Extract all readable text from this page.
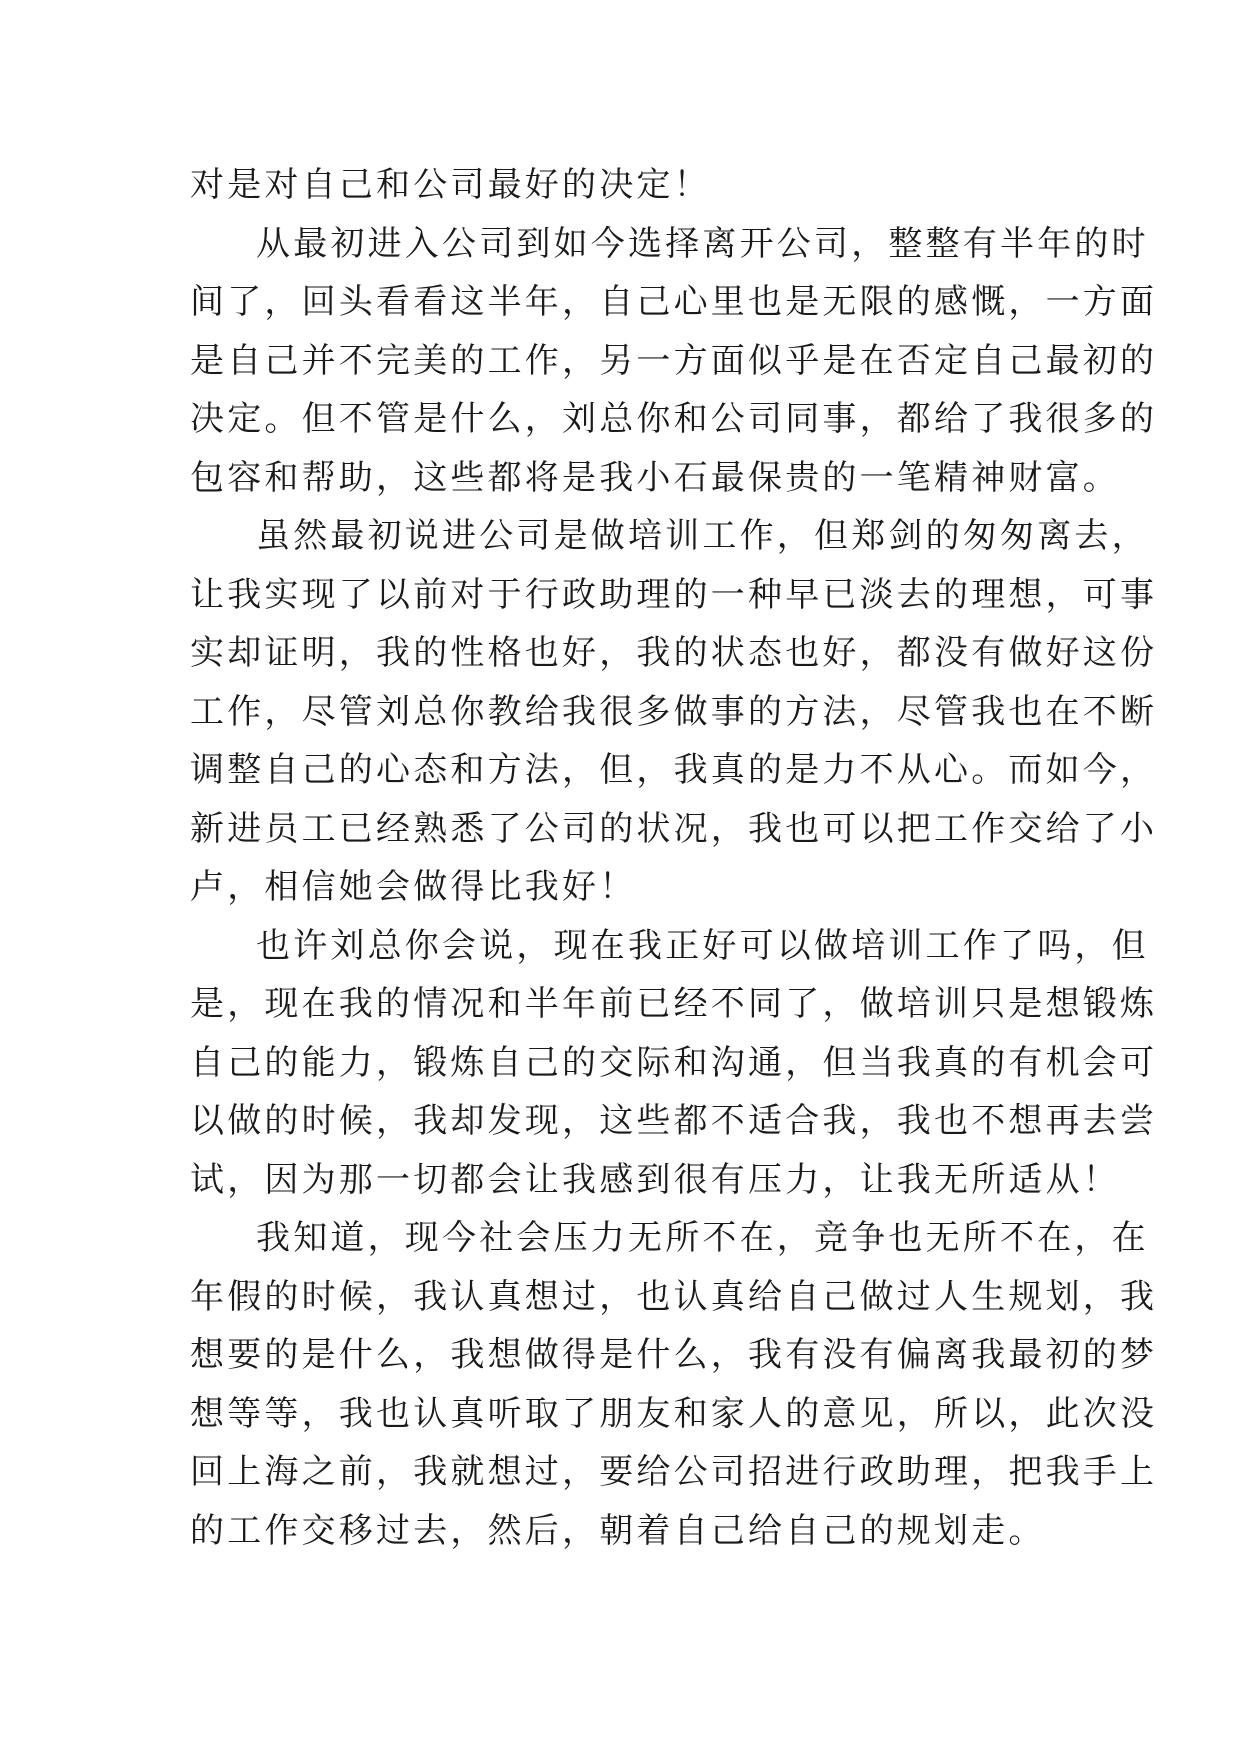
对是对自己和公司最好的决定！
从最初进入公司到如今选择离开公司，整整有半年的时
间了，回头看看这半年，自己心里也是无限的感慨，一方面
是自己并不完美的工作，另一方面似乎是在否定自己最初的
决定。但不管是什么，刘总你和公司同事，都给了我很多的
包容和帮助，这些都将是我小石最保贵的一笔精神财富。
虽然最初说进公司是做培训工作，但郑剑的匆匆离去，
让我实现了以前对于行政助理的一种早已淡去的理想，可事
实却证明，我的性格也好，我的状态也好，都没有做好这份
工作，尽管刘总你教给我很多做事的方法，尽管我也在不断
调整自己的心态和方法，但，我真的是力不从心。而如今，
新进员工已经熟悉了公司的状况，我也可以把工作交给了小
卢，相信她会做得比我好！
也许刘总你会说，现在我正好可以做培训工作了吗，但
是，现在我的情况和半年前已经不同了，做培训只是想锻炼
自己的能力，锻炼自己的交际和沟通，但当我真的有机会可
以做的时候，我却发现，这些都不适合我，我也不想再去尝
试，因为那一切都会让我感到很有压力，让我无所适从！
我知道，现今社会压力无所不在，竞争也无所不在，在
年假的时候，我认真想过，也认真给自己做过人生规划，我
想要的是什么，我想做得是什么，我有没有偏离我最初的梦
想等等，我也认真听取了朋友和家人的意见，所以，此次没
回上海之前，我就想过，要给公司招进行政助理，把我手上
的工作交移过去，然后，朝着自己给自己的规划走。
